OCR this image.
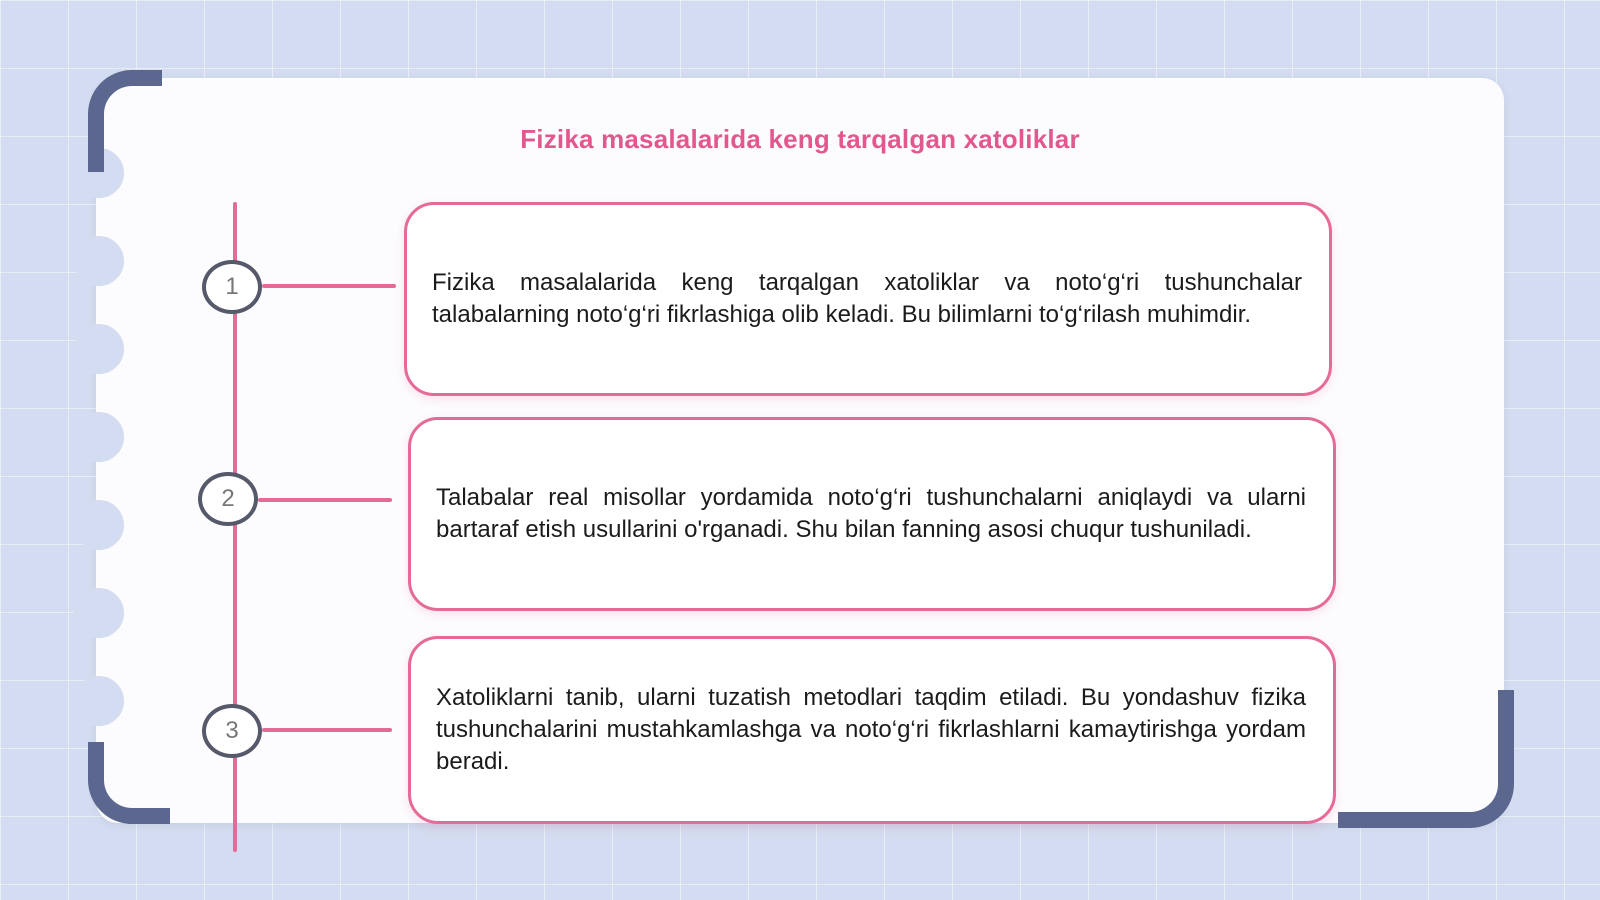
Fizika masalalarida keng tarqalgan xatoliklar
1
2
3

Fizika masalalarida keng tarqalgan xatoliklar va noto‘g‘ri tushunchalar talabalarning noto‘g‘ri fikrlashiga olib keladi. Bu bilimlarni to‘g‘rilash muhimdir.

Talabalar real misollar yordamida noto‘g‘ri tushunchalarni aniqlaydi va ularni bartaraf etish usullarini o'rganadi. Shu bilan fanning asosi chuqur tushuniladi.

Xatoliklarni tanib, ularni tuzatish metodlari taqdim etiladi. Bu yondashuv fizika tushunchalarini mustahkamlashga va noto‘g‘ri fikrlashlarni kamaytirishga yordam beradi.
